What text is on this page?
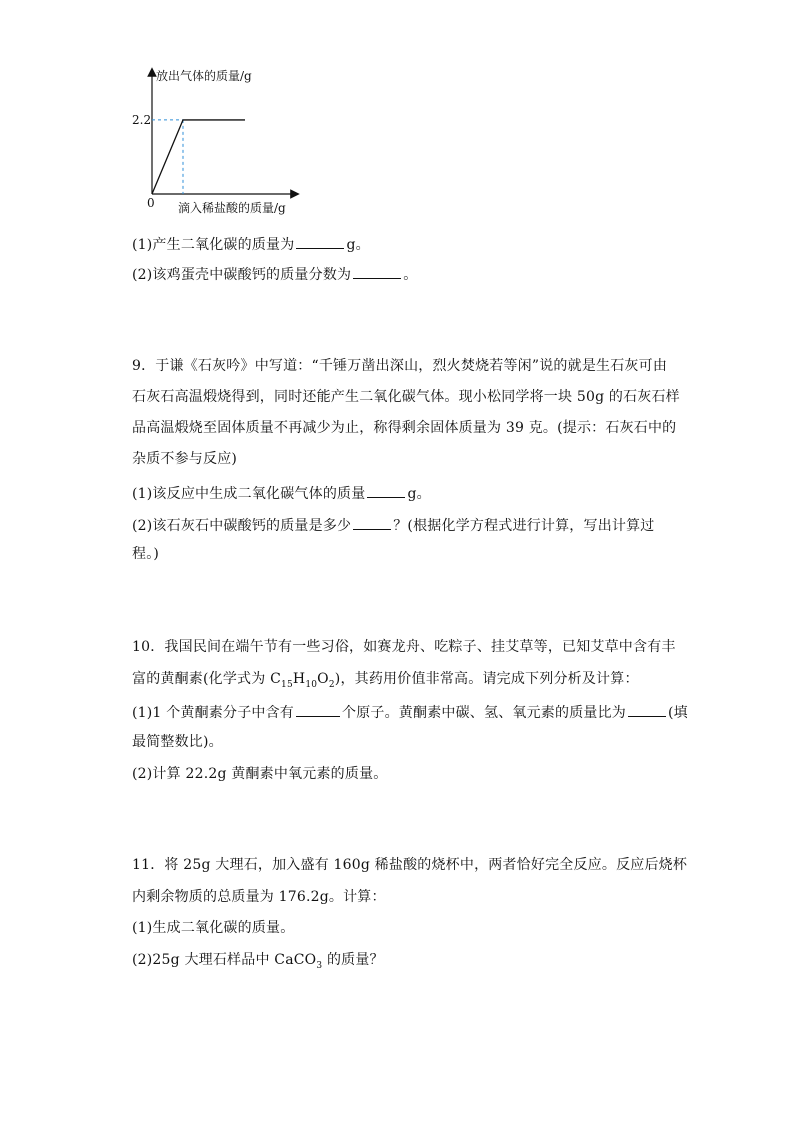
放出气体的质量/g
滴入稀盐酸的质量/g
0
2.2
(1)产生二氧化碳的质量为	g。
(2)该鸡蛋壳中碳酸钙的质量分数为	。
9．于谦《石灰吟》中写道：“千锤万凿出深山，烈火焚烧若等闲”说的就是生石灰可由
石灰石高温煅烧得到，同时还能产生二氧化碳气体。现小松同学将一块 50g 的石灰石样
品高温煅烧至固体质量不再减少为止，称得剩余固体质量为 39 克。(提示：石灰石中的
杂质不参与反应)
(1)该反应中生成二氧化碳气体的质量	g。
(2)该石灰石中碳酸钙的质量是多少	？(根据化学方程式进行计算，写出计算过
程。)
10．我国民间在端午节有一些习俗，如赛龙舟、吃粽子、挂艾草等，已知艾草中含有丰
富的黄酮素(化学式为 $C_{15}H_{10}O_2$)，其药用价值非常高。请完成下列分析及计算：
(1)1 个黄酮素分子中含有	个原子。黄酮素中碳、氢、氧元素的质量比为	(填
最简整数比)。
(2)计算 22.2g 黄酮素中氧元素的质量。
11．将 25g 大理石，加入盛有 160g 稀盐酸的烧杯中，两者恰好完全反应。反应后烧杯
内剩余物质的总质量为 176.2g。计算：
(1)生成二氧化碳的质量。
(2)25g 大理石样品中 CaCO$_3$ 的质量？
